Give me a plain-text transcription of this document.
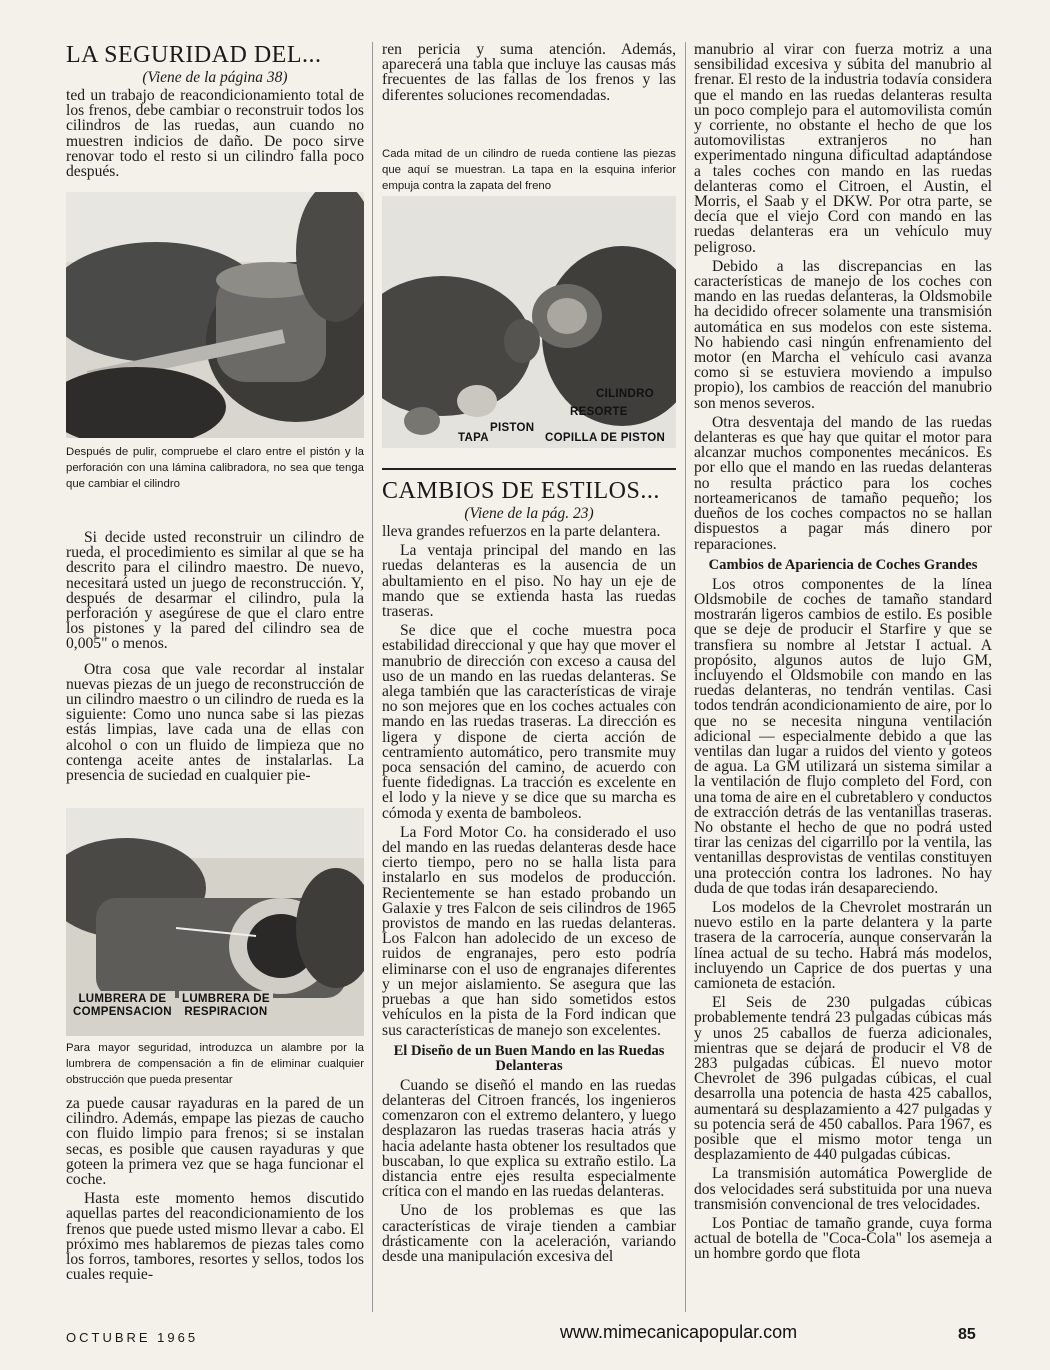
LA SEGURIDAD DEL...
(Viene de la página 38)

ted un trabajo de reacondicionamiento total de los frenos, debe cambiar o reconstruir todos los cilindros de las ruedas, aun cuando no muestren indicios de daño. De poco sirve renovar todo el resto si un cilindro falla poco después.

Después de pulir, compruebe el claro entre el pistón y la perforación con una lámina calibradora, no sea que tenga que cambiar el cilindro

Si decide usted reconstruir un cilindro de rueda, el procedimiento es similar al que se ha descrito para el cilindro maestro. De nuevo, necesitará usted un juego de reconstrucción. Y, después de desarmar el cilindro, pula la perforación y asegúrese de que el claro entre los pistones y la pared del cilindro sea de 0,005" o menos.

Otra cosa que vale recordar al instalar nuevas piezas de un juego de reconstrucción de un cilindro maestro o un cilindro de rueda es la siguiente: Como uno nunca sabe si las piezas estás limpias, lave cada una de ellas con alcohol o con un fluido de limpieza que no contenga aceite antes de instalarlas. La presencia de suciedad en cualquier pie-

LUMBRERA DE
COMPENSACION
LUMBRERA DE
RESPIRACION

Para mayor seguridad, introduzca un alambre por la lumbrera de compensación a fin de eliminar cualquier obstrucción que pueda presentar

za puede causar rayaduras en la pared de un cilindro. Además, empape las piezas de caucho con fluido limpio para frenos; si se instalan secas, es posible que causen rayaduras y que goteen la primera vez que se haga funcionar el coche.

Hasta este momento hemos discutido aquellas partes del reacondicionamiento de los frenos que puede usted mismo llevar a cabo. El próximo mes hablaremos de piezas tales como los forros, tambores, resortes y sellos, todos los cuales requie-

ren pericia y suma atención. Además, aparecerá una tabla que incluye las causas más frecuentes de las fallas de los frenos y las diferentes soluciones recomendadas.

Cada mitad de un cilindro de rueda contiene las piezas que aquí se muestran. La tapa en la esquina inferior empuja contra la zapata del freno

CILINDRO
RESORTE
PISTON
TAPA	COPILLA DE PISTON
CAMBIOS DE ESTILOS...
(Viene de la pág. 23)

lleva grandes refuerzos en la parte delantera.

La ventaja principal del mando en las ruedas delanteras es la ausencia de un abultamiento en el piso. No hay un eje de mando que se extienda hasta las ruedas traseras.

Se dice que el coche muestra poca estabilidad direccional y que hay que mover el manubrio de dirección con exceso a causa del uso de un mando en las ruedas delanteras. Se alega también que las características de viraje no son mejores que en los coches actuales con mando en las ruedas traseras. La dirección es ligera y dispone de cierta acción de centramiento automático, pero transmite muy poca sensación del camino, de acuerdo con fuente fidedignas. La tracción es excelente en el lodo y la nieve y se dice que su marcha es cómoda y exenta de bamboleos.

La Ford Motor Co. ha considerado el uso del mando en las ruedas delanteras desde hace cierto tiempo, pero no se halla lista para instalarlo en sus modelos de producción. Recientemente se han estado probando un Galaxie y tres Falcon de seis cilindros de 1965 provistos de mando en las ruedas delanteras. Los Falcon han adolecido de un exceso de ruidos de engranajes, pero esto podría eliminarse con el uso de engranajes diferentes y un mejor aislamiento. Se asegura que las pruebas a que han sido sometidos estos vehículos en la pista de la Ford indican que sus características de manejo son excelentes.

El Diseño de un Buen Mando en las Ruedas Delanteras

Cuando se diseñó el mando en las ruedas delanteras del Citroen francés, los ingenieros comenzaron con el extremo delantero, y luego desplazaron las ruedas traseras hacia atrás y hacia adelante hasta obtener los resultados que buscaban, lo que explica su extraño estilo. La distancia entre ejes resulta especialmente crítica con el mando en las ruedas delanteras.

Uno de los problemas es que las características de viraje tienden a cambiar drásticamente con la aceleración, variando desde una manipulación excesiva del

manubrio al virar con fuerza motriz a una sensibilidad excesiva y súbita del manubrio al frenar. El resto de la industria todavía considera que el mando en las ruedas delanteras resulta un poco complejo para el automovilista común y corriente, no obstante el hecho de que los automovilistas extranjeros no han experimentado ninguna dificultad adaptándose a tales coches con mando en las ruedas delanteras como el Citroen, el Austin, el Morris, el Saab y el DKW. Por otra parte, se decía que el viejo Cord con mando en las ruedas delanteras era un vehículo muy peligroso.

Debido a las discrepancias en las características de manejo de los coches con mando en las ruedas delanteras, la Oldsmobile ha decidido ofrecer solamente una transmisión automática en sus modelos con este sistema. No habiendo casi ningún enfrenamiento del motor (en Marcha el vehículo casi avanza como si se estuviera moviendo a impulso propio), los cambios de reacción del manubrio son menos severos.

Otra desventaja del mando de las ruedas delanteras es que hay que quitar el motor para alcanzar muchos componentes mecánicos. Es por ello que el mando en las ruedas delanteras no resulta práctico para los coches norteamericanos de tamaño pequeño; los dueños de los coches compactos no se hallan dispuestos a pagar más dinero por reparaciones.

Cambios de Apariencia de Coches Grandes

Los otros componentes de la línea Oldsmobile de coches de tamaño standard mostrarán ligeros cambios de estilo. Es posible que se deje de producir el Starfire y que se transfiera su nombre al Jetstar I actual. A propósito, algunos autos de lujo GM, incluyendo el Oldsmobile con mando en las ruedas delanteras, no tendrán ventilas. Casi todos tendrán acondicionamiento de aire, por lo que no se necesita ninguna ventilación adicional — especialmente debido a que las ventilas dan lugar a ruidos del viento y goteos de agua. La GM utilizará un sistema similar a la ventilación de flujo completo del Ford, con una toma de aire en el cubretablero y conductos de extracción detrás de las ventanillas traseras. No obstante el hecho de que no podrá usted tirar las cenizas del cigarrillo por la ventila, las ventanillas desprovistas de ventilas constituyen una protección contra los ladrones. No hay duda de que todas irán desapareciendo.

Los modelos de la Chevrolet mostrarán un nuevo estilo en la parte delantera y la parte trasera de la carrocería, aunque conservarán la línea actual de su techo. Habrá más modelos, incluyendo un Caprice de dos puertas y una camioneta de estación.

El Seis de 230 pulgadas cúbicas probablemente tendrá 23 pulgadas cúbicas más y unos 25 caballos de fuerza adicionales, mientras que se dejará de producir el V8 de 283 pulgadas cúbicas. El nuevo motor Chevrolet de 396 pulgadas cúbicas, el cual desarrolla una potencia de hasta 425 caballos, aumentará su desplazamiento a 427 pulgadas y su potencia será de 450 caballos. Para 1967, es posible que el mismo motor tenga un desplazamiento de 440 pulgadas cúbicas.

La transmisión automática Powerglide de dos velocidades será substituida por una nueva transmisión convencional de tres velocidades.

Los Pontiac de tamaño grande, cuya forma actual de botella de "Coca-Cola" los asemeja a un hombre gordo que flota

OCTUBRE 1965	www.mimecanicapopular.com	85
